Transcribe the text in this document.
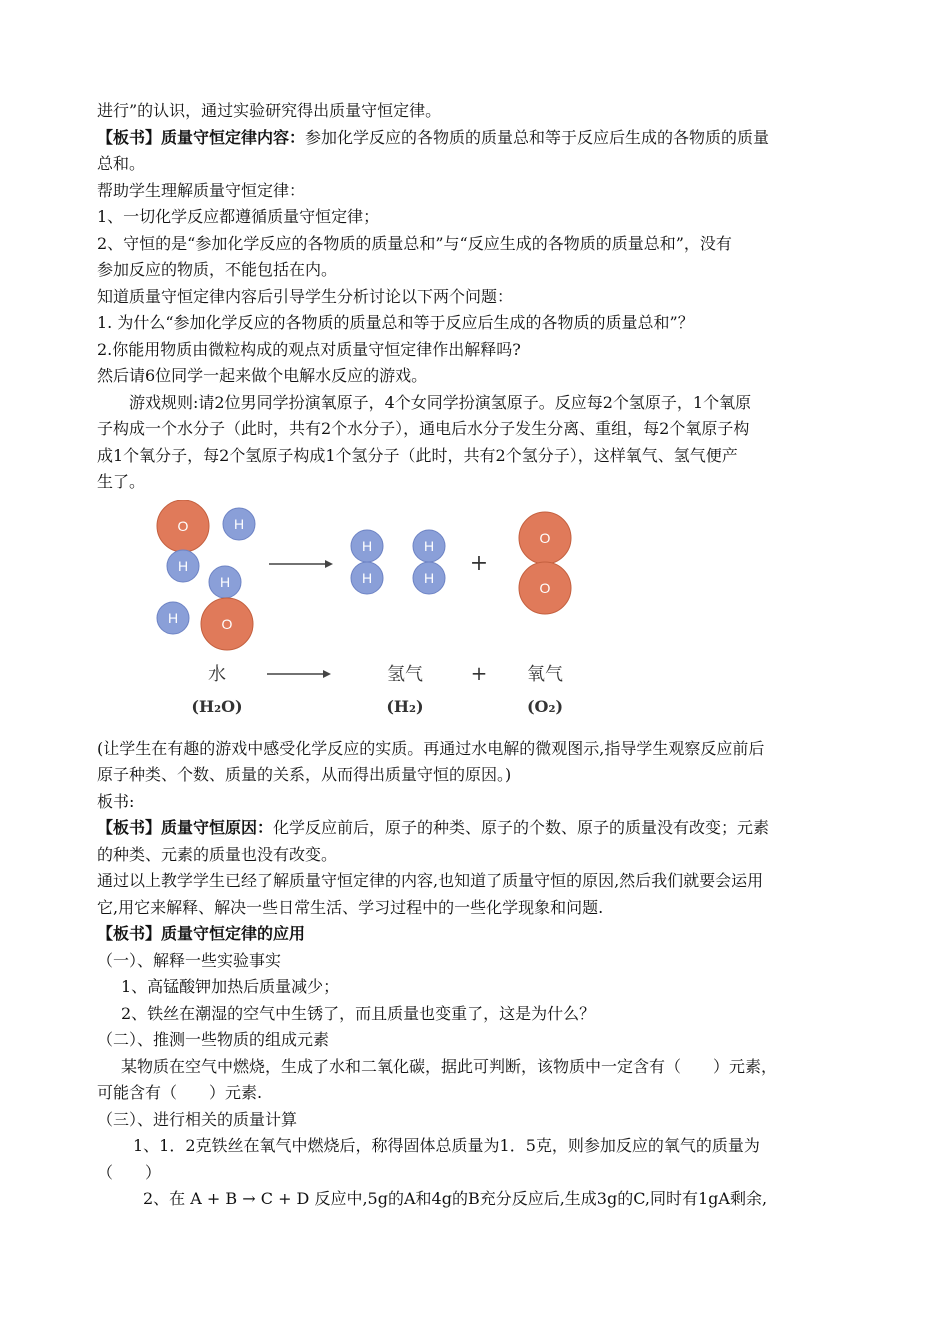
进行”的认识，通过实验研究得出质量守恒定律。
【板书】质量守恒定律内容：参加化学反应的各物质的质量总和等于反应后生成的各物质的质量
总和。
帮助学生理解质量守恒定律：
1、一切化学反应都遵循质量守恒定律；
2、守恒的是“参加化学反应的各物质的质量总和”与“反应生成的各物质的质量总和”，没有
参加反应的物质，不能包括在内。
知道质量守恒定律内容后引导学生分析讨论以下两个问题：
1. 为什么“参加化学反应的各物质的质量总和等于反应后生成的各物质的质量总和”？
2.你能用物质由微粒构成的观点对质量守恒定律作出解释吗?
然后请6位同学一起来做个电解水反应的游戏。
游戏规则:请2位男同学扮演氧原子，4个女同学扮演氢原子。反应每2个氢原子，1个氧原
子构成一个水分子（此时，共有2个水分子），通电后水分子发生分离、重组，每2个氧原子构
成1个氧分子，每2个氢原子构成1个氢分子（此时，共有2个氢分子），这样氧气、氢气便产
生了。
O	H
H
H
H	O
H
H
H
H
O
O
+
水	氢气 + 氧气
(H₂O)	(H₂)	(O₂)
(让学生在有趣的游戏中感受化学反应的实质。再通过水电解的微观图示,指导学生观察反应前后
原子种类、个数、质量的关系，从而得出质量守恒的原因。)
板书:
【板书】质量守恒原因：化学反应前后，原子的种类、原子的个数、原子的质量没有改变；元素
的种类、元素的质量也没有改变。
通过以上教学学生已经了解质量守恒定律的内容,也知道了质量守恒的原因,然后我们就要会运用
它,用它来解释、解决一些日常生活、学习过程中的一些化学现象和问题.
【板书】质量守恒定律的应用
（一）、解释一些实验事实
1、高锰酸钾加热后质量减少；
2、铁丝在潮湿的空气中生锈了，而且质量也变重了，这是为什么？
（二）、推测一些物质的组成元素
某物质在空气中燃烧，生成了水和二氧化碳，据此可判断，该物质中一定含有（　　）元素，
可能含有（　　）元素.
（三）、进行相关的质量计算
1、1．2克铁丝在氧气中燃烧后，称得固体总质量为1．5克，则参加反应的氧气的质量为
（　　）
2、在 A + B → C + D 反应中,5g的A和4g的B充分反应后,生成3g的C,同时有1gA剩余,
